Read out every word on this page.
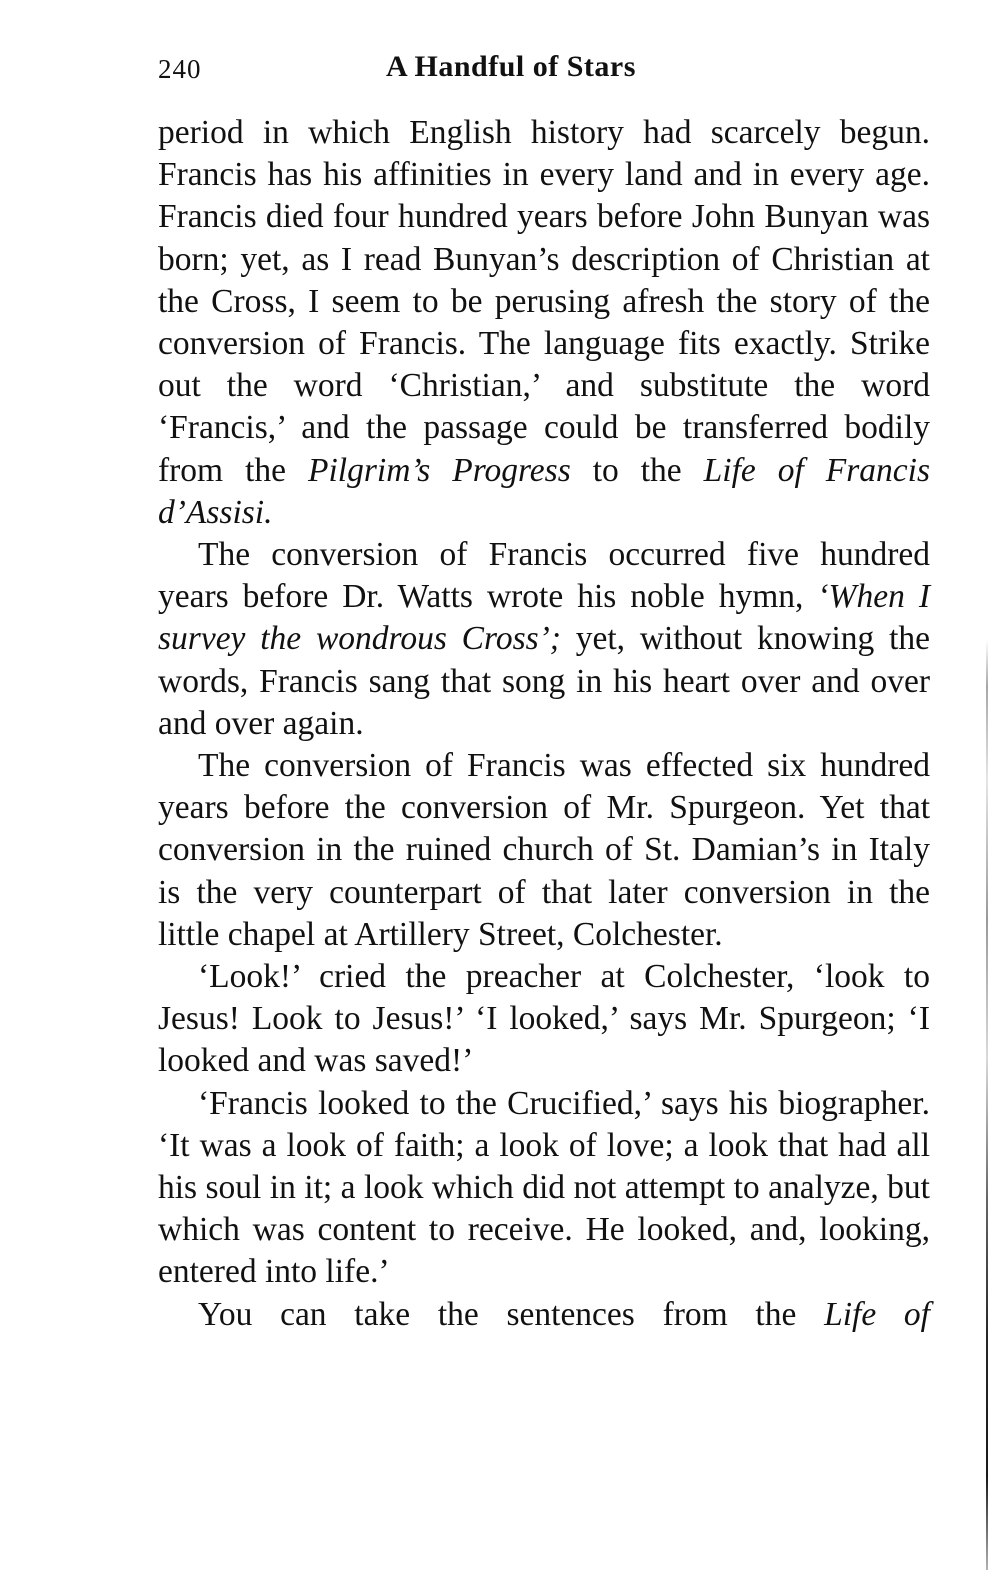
240	A Handful of Stars

period in which English history had scarcely begun. Francis has his affinities in every land and in every age. Francis died four hundred years before John Bunyan was born; yet, as I read Bunyan’s description of Christian at the Cross, I seem to be perusing afresh the story of the conversion of Francis. The language fits exactly. Strike out the word ‘Christian,’ and substitute the word ‘Francis,’ and the passage could be transferred bodily from the Pilgrim’s Progress to the Life of Francis d’Assisi.

The conversion of Francis occurred five hundred years before Dr. Watts wrote his noble hymn, ‘When I survey the wondrous Cross’; yet, without knowing the words, Francis sang that song in his heart over and over and over again.

The conversion of Francis was effected six hundred years before the conversion of Mr. Spurgeon. Yet that conversion in the ruined church of St. Damian’s in Italy is the very counterpart of that later conversion in the little chapel at Artillery Street, Colchester.

‘Look!’ cried the preacher at Colchester, ‘look to Jesus! Look to Jesus!’ ‘I looked,’ says Mr. Spurgeon; ‘I looked and was saved!’

‘Francis looked to the Crucified,’ says his biographer. ‘It was a look of faith; a look of love; a look that had all his soul in it; a look which did not attempt to analyze, but which was content to receive. He looked, and, looking, entered into life.’

You can take the sentences from the Life of
